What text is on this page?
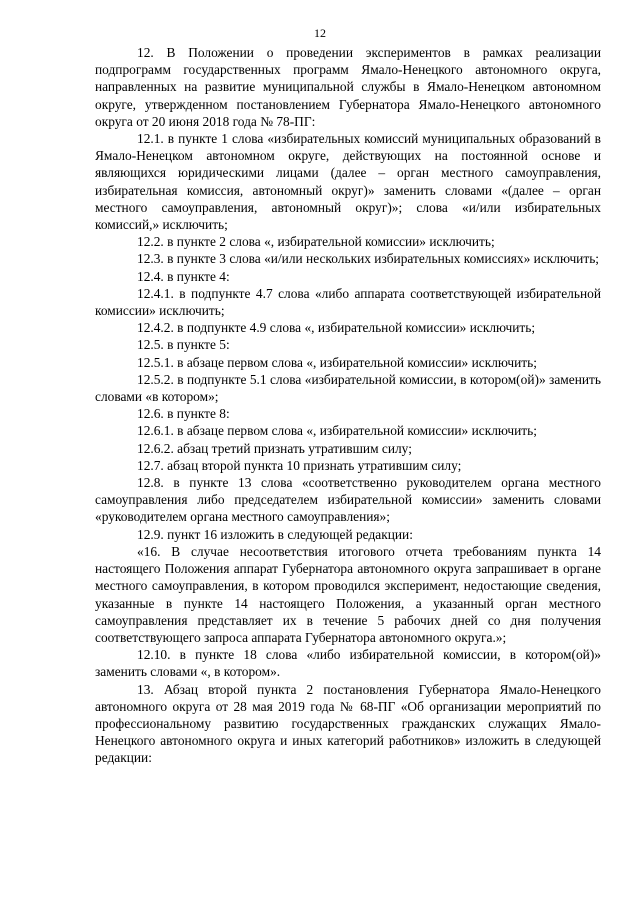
12

12. В Положении о проведении экспериментов в рамках реализации подпрограмм государственных программ Ямало-Ненецкого автономного округа, направленных на развитие муниципальной службы в Ямало-Ненецком автономном округе, утвержденном постановлением Губернатора Ямало-Ненецкого автономного округа от 20 июня 2018 года № 78-ПГ:

12.1. в пункте 1 слова «избирательных комиссий муниципальных образований в Ямало-Ненецком автономном округе, действующих на постоянной основе и являющихся юридическими лицами (далее – орган местного самоуправления, избирательная комиссия, автономный округ)» заменить словами «(далее – орган местного самоуправления, автономный округ)»; слова «и/или избирательных комиссий,» исключить;

12.2. в пункте 2 слова «, избирательной комиссии» исключить;

12.3. в пункте 3 слова «и/или нескольких избирательных комиссиях» исключить;

12.4. в пункте 4:

12.4.1. в подпункте 4.7 слова «либо аппарата соответствующей избирательной комиссии» исключить;

12.4.2. в подпункте 4.9 слова «, избирательной комиссии» исключить;

12.5. в пункте 5:

12.5.1. в абзаце первом слова «, избирательной комиссии» исключить;

12.5.2. в подпункте 5.1 слова «избирательной комиссии, в котором(ой)» заменить словами «в котором»;

12.6. в пункте 8:

12.6.1. в абзаце первом слова «, избирательной комиссии» исключить;

12.6.2. абзац третий признать утратившим силу;

12.7. абзац второй пункта 10 признать утратившим силу;

12.8. в пункте 13 слова «соответственно руководителем органа местного самоуправления либо председателем избирательной комиссии» заменить словами «руководителем органа местного самоуправления»;

12.9. пункт 16 изложить в следующей редакции:

«16. В случае несоответствия итогового отчета требованиям пункта 14 настоящего Положения аппарат Губернатора автономного округа запрашивает в органе местного самоуправления, в котором проводился эксперимент, недостающие сведения, указанные в пункте 14 настоящего Положения, а указанный орган местного самоуправления представляет их в течение 5 рабочих дней со дня получения соответствующего запроса аппарата Губернатора автономного округа.»;

12.10. в пункте 18 слова «либо избирательной комиссии, в котором(ой)» заменить словами «, в котором».

13. Абзац второй пункта 2 постановления Губернатора Ямало-Ненецкого автономного округа от 28 мая 2019 года № 68-ПГ «Об организации мероприятий по профессиональному развитию государственных гражданских служащих Ямало-Ненецкого автономного округа и иных категорий работников» изложить в следующей редакции:
